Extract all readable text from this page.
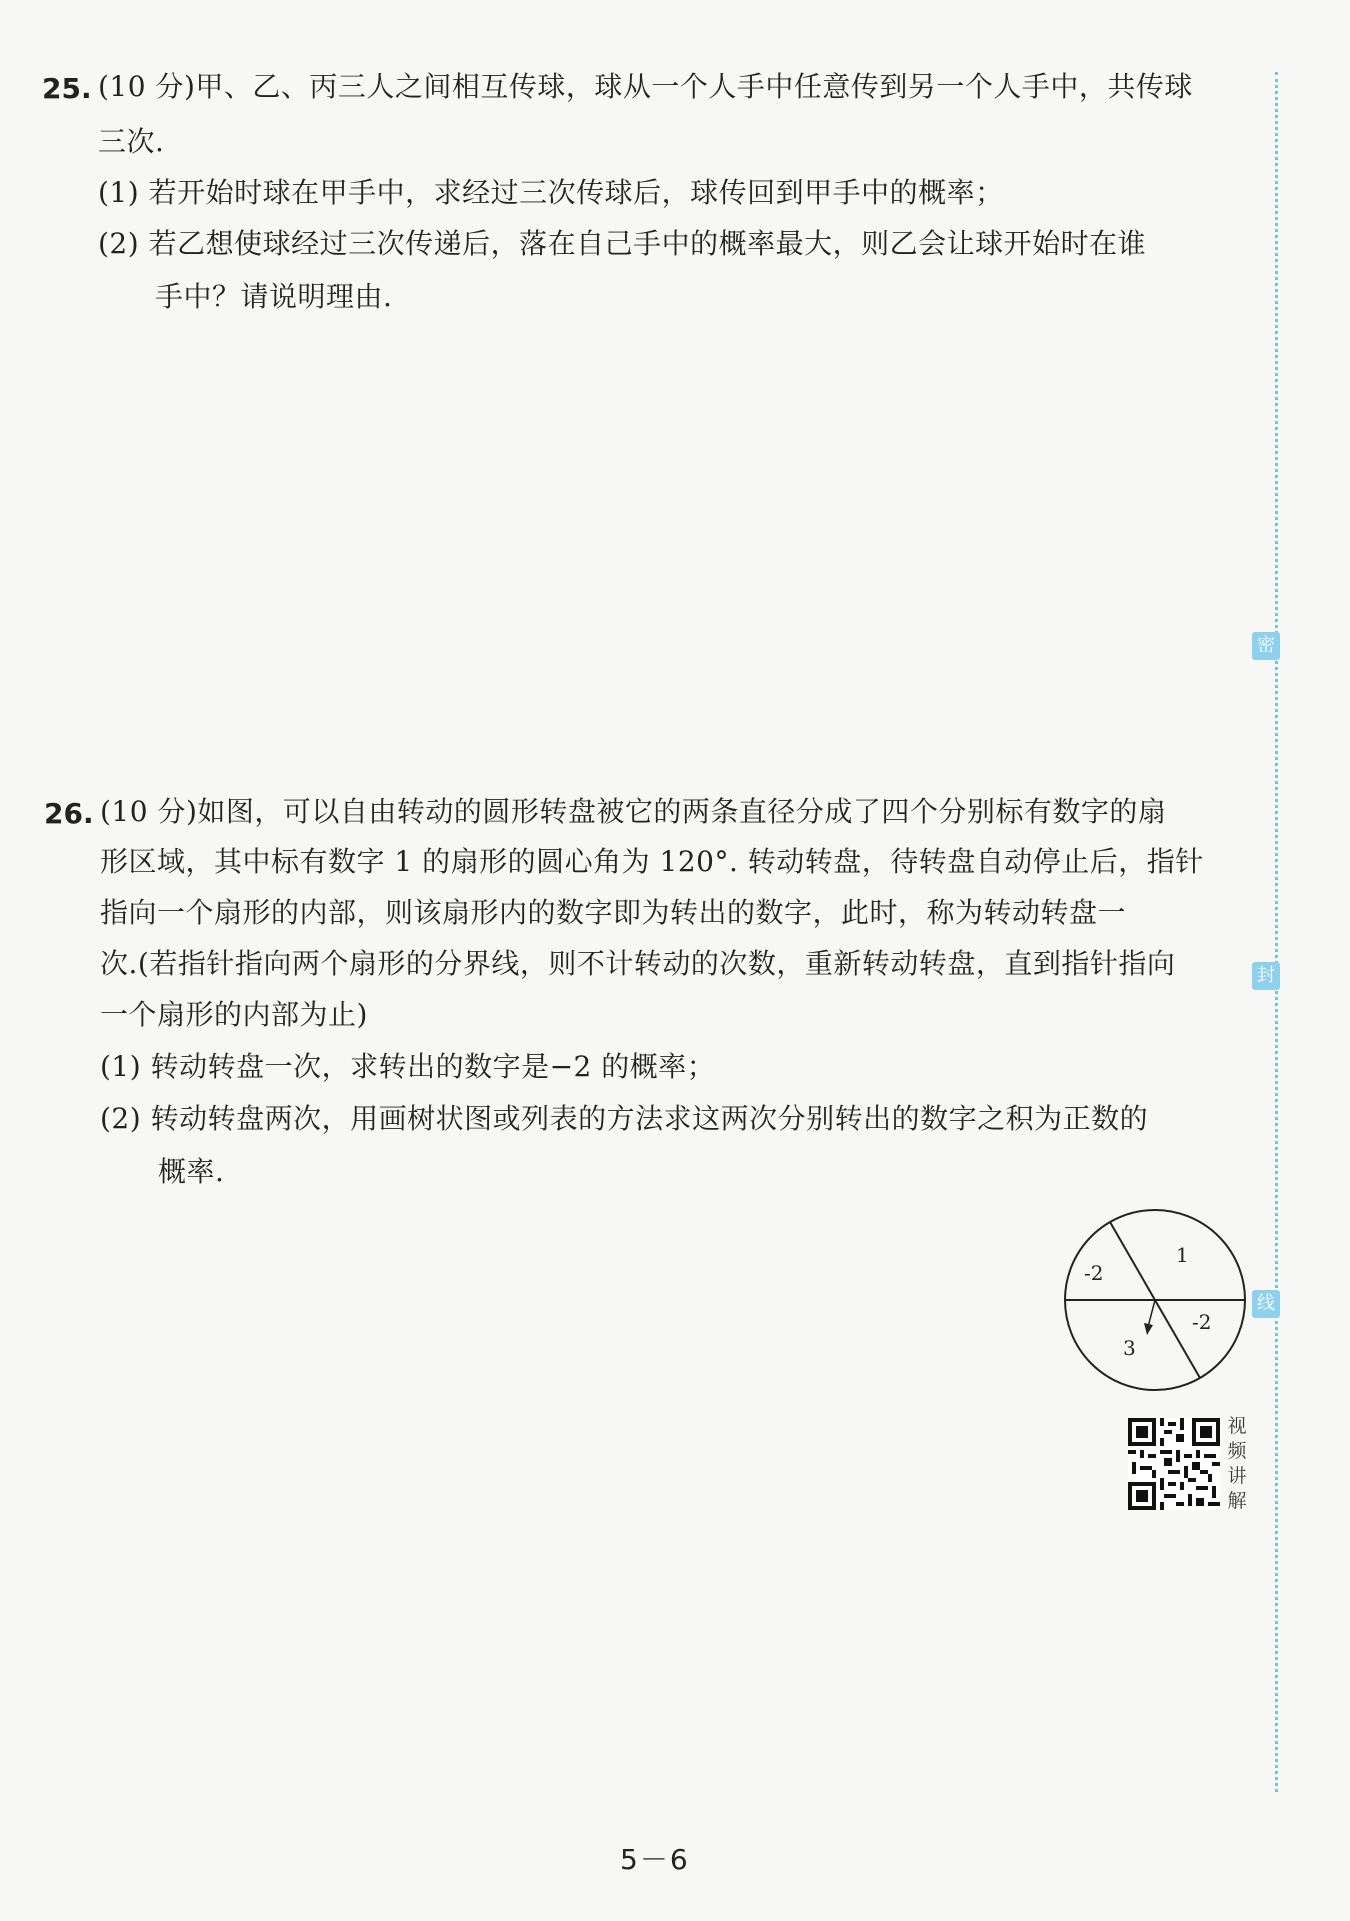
25. (10 分)甲、乙、丙三人之间相互传球，球从一个人手中任意传到另一个人手中，共传球
三次.
(1) 若开始时球在甲手中，求经过三次传球后，球传回到甲手中的概率；
(2) 若乙想使球经过三次传递后，落在自己手中的概率最大，则乙会让球开始时在谁
手中？请说明理由.
26. (10 分)如图，可以自由转动的圆形转盘被它的两条直径分成了四个分别标有数字的扇
形区域，其中标有数字 1 的扇形的圆心角为 120°. 转动转盘，待转盘自动停止后，指针
指向一个扇形的内部，则该扇形内的数字即为转出的数字，此时，称为转动转盘一
次.(若指针指向两个扇形的分界线，则不计转动的次数，重新转动转盘，直到指针指向
一个扇形的内部为止)
(1) 转动转盘一次，求转出的数字是−2 的概率；
(2) 转动转盘两次，用画树状图或列表的方法求这两次分别转出的数字之积为正数的
概率.
-2
1
-2
3
视
频
讲
解
密
封
线
5－6
